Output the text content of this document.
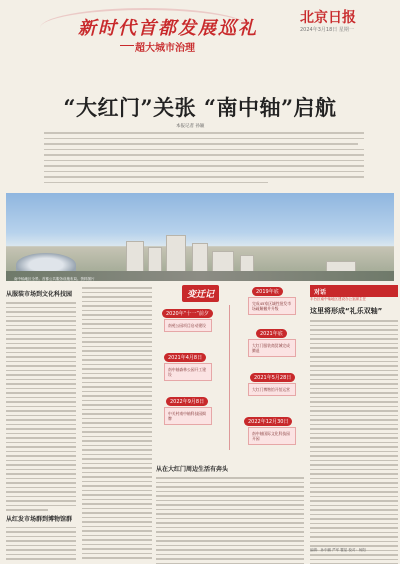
新时代首都发展巡礼
超大城市治理
北京日报
2024年3月18日 星期一
“大红门”关张 “南中轴”启航
本报记者 孙颖
南中轴地区全景。首都公共服务设施布局。资料图片
从服装市场到文化科技园
从红发市场群到博物馆群
变迁记	2019年底
完成45家区域性批发市场疏解撤并升级
2020年“十一”前夕
南苑公园项目启动建设
2021年底
大红门服装商贸城完成腾退
2021年4月8日
南中轴森林公园开工建设
2021年5月28日
大红门博物馆开馆运营
2022年9月8日
中关村南中轴科技园揭牌
2022年12月30日
南中轴国际文化科技园开园
从在大红门周边生活有奔头
对话
丰台区南中轴地区建设办公室副主任
这里将形成“礼乐双轴”
编辑：孙中鹏 严军 瞿星 校对：杨阳
